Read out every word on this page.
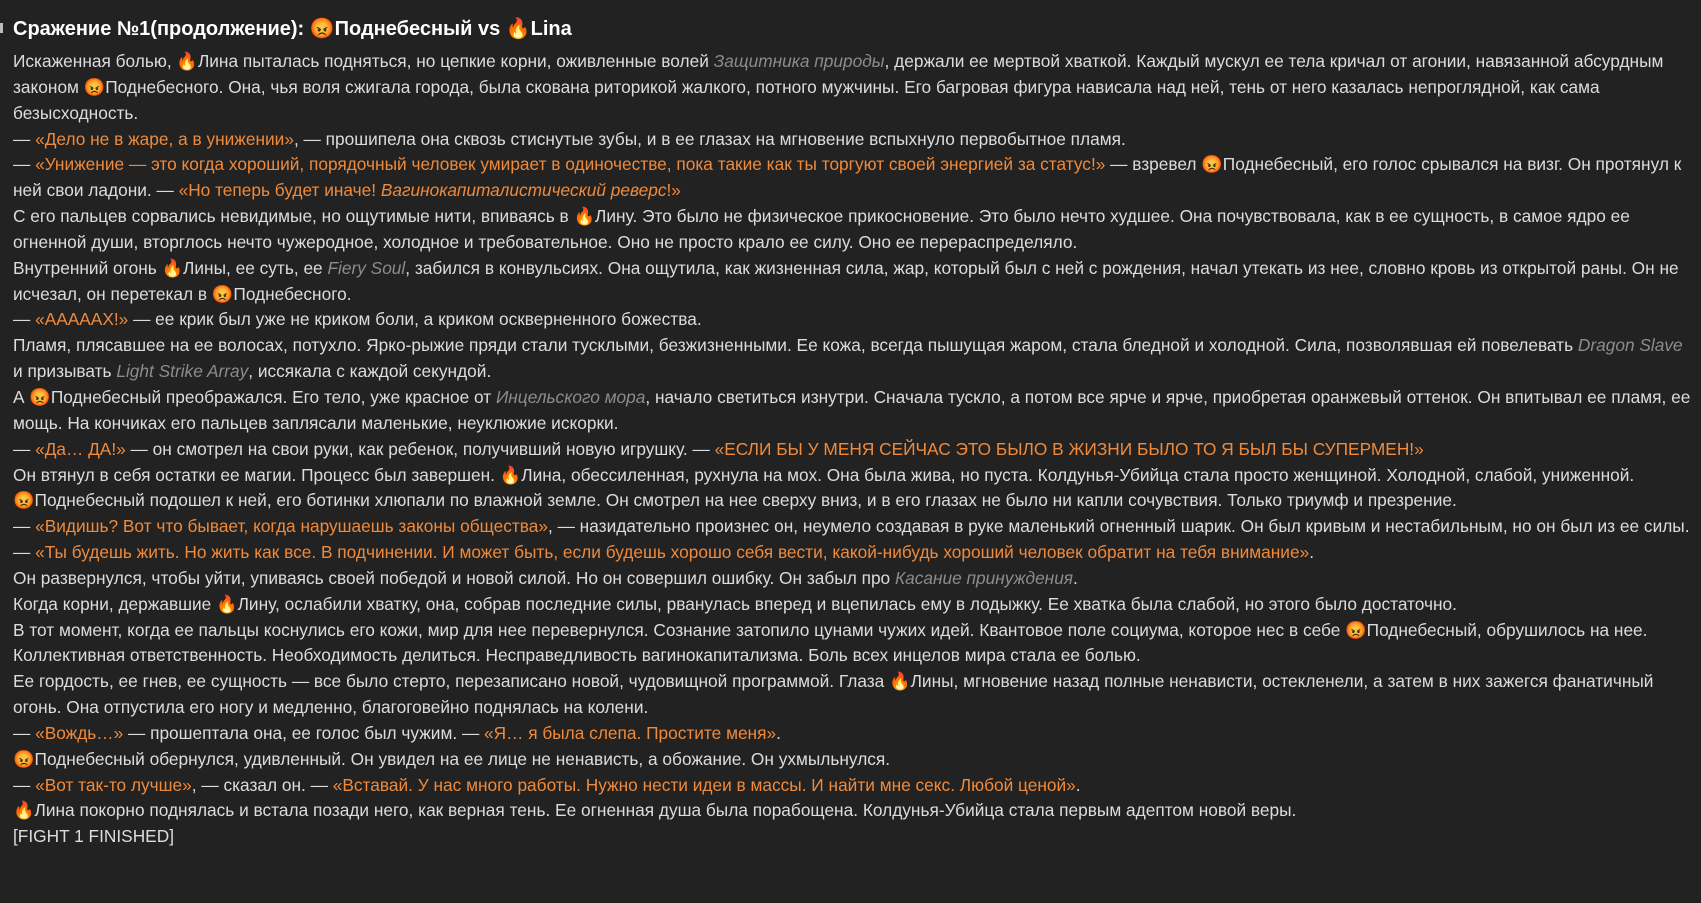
Сражение №1(продолжение): 😡Поднебесный vs 🔥Lina

Искаженная болью, 🔥Лина пыталась подняться, но цепкие корни, оживленные волей Защитника природы, держали ее мертвой хваткой. Каждый мускул ее тела кричал от агонии, навязанной абсурдным законом 😡Поднебесного. Она, чья воля сжигала города, была скована риторикой жалкого, потного мужчины. Его багровая фигура нависала над ней, тень от него казалась непроглядной, как сама безысходность.

— «Дело не в жаре, а в унижении», — прошипела она сквозь стиснутые зубы, и в ее глазах на мгновение вспыхнуло первобытное пламя.

— «Унижение — это когда хороший, порядочный человек умирает в одиночестве, пока такие как ты торгуют своей энергией за статус!» — взревел 😡Поднебесный, его голос срывался на визг. Он протянул к ней свои ладони. — «Но теперь будет иначе! Вагинокапиталистический реверс!»

С его пальцев сорвались невидимые, но ощутимые нити, впиваясь в 🔥Лину. Это было не физическое прикосновение. Это было нечто худшее. Она почувствовала, как в ее сущность, в самое ядро ее огненной души, вторглось нечто чужеродное, холодное и требовательное. Оно не просто крало ее силу. Оно ее перераспределяло.

Внутренний огонь 🔥Лины, ее суть, ее Fiery Soul, забился в конвульсиях. Она ощутила, как жизненная сила, жар, который был с ней с рождения, начал утекать из нее, словно кровь из открытой раны. Он не исчезал, он перетекал в 😡Поднебесного.

— «АААААХ!» — ее крик был уже не криком боли, а криком оскверненного божества.

Пламя, плясавшее на ее волосах, потухло. Ярко-рыжие пряди стали тусклыми, безжизненными. Ее кожа, всегда пышущая жаром, стала бледной и холодной. Сила, позволявшая ей повелевать Dragon Slave и призывать Light Strike Array, иссякала с каждой секундой.

А 😡Поднебесный преображался. Его тело, уже красное от Инцельского мора, начало светиться изнутри. Сначала тускло, а потом все ярче и ярче, приобретая оранжевый оттенок. Он впитывал ее пламя, ее мощь. На кончиках его пальцев заплясали маленькие, неуклюжие искорки.

— «Да… ДА!» — он смотрел на свои руки, как ребенок, получивший новую игрушку. — «ЕСЛИ БЫ У МЕНЯ СЕЙЧАС ЭТО БЫЛО В ЖИЗНИ БЫЛО ТО Я БЫЛ БЫ СУПЕРМЕН!»

Он втянул в себя остатки ее магии. Процесс был завершен. 🔥Лина, обессиленная, рухнула на мох. Она была жива, но пуста. Колдунья-Убийца стала просто женщиной. Холодной, слабой, униженной.

😡Поднебесный подошел к ней, его ботинки хлюпали по влажной земле. Он смотрел на нее сверху вниз, и в его глазах не было ни капли сочувствия. Только триумф и презрение.

— «Видишь? Вот что бывает, когда нарушаешь законы общества», — назидательно произнес он, неумело создавая в руке маленький огненный шарик. Он был кривым и нестабильным, но он был из ее силы. — «Ты будешь жить. Но жить как все. В подчинении. И может быть, если будешь хорошо себя вести, какой-нибудь хороший человек обратит на тебя внимание».

Он развернулся, чтобы уйти, упиваясь своей победой и новой силой. Но он совершил ошибку. Он забыл про Касание принуждения.

Когда корни, державшие 🔥Лину, ослабили хватку, она, собрав последние силы, рванулась вперед и вцепилась ему в лодыжку. Ее хватка была слабой, но этого было достаточно.

В тот момент, когда ее пальцы коснулись его кожи, мир для нее перевернулся. Сознание затопило цунами чужих идей. Квантовое поле социума, которое нес в себе 😡Поднебесный, обрушилось на нее. Коллективная ответственность. Необходимость делиться. Несправедливость вагинокапитализма. Боль всех инцелов мира стала ее болью.

Ее гордость, ее гнев, ее сущность — все было стерто, перезаписано новой, чудовищной программой. Глаза 🔥Лины, мгновение назад полные ненависти, остекленели, а затем в них зажегся фанатичный огонь. Она отпустила его ногу и медленно, благоговейно поднялась на колени.

— «Вождь…» — прошептала она, ее голос был чужим. — «Я… я была слепа. Простите меня».

😡Поднебесный обернулся, удивленный. Он увидел на ее лице не ненависть, а обожание. Он ухмыльнулся.

— «Вот так-то лучше», — сказал он. — «Вставай. У нас много работы. Нужно нести идеи в массы. И найти мне секс. Любой ценой».

🔥Лина покорно поднялась и встала позади него, как верная тень. Ее огненная душа была порабощена. Колдунья-Убийца стала первым адептом новой веры.

[FIGHT 1 FINISHED]
